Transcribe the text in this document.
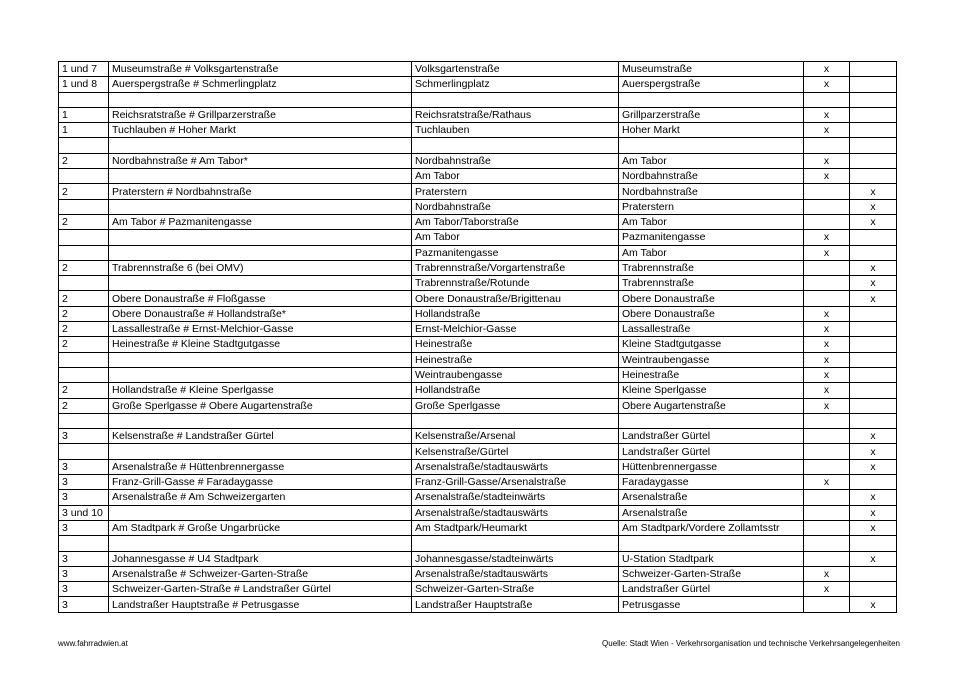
1 und 7	Museumstraße # Volksgartenstraße	Volksgartenstraße	Museumstraße	x	
1 und 8	Auerspergstraße # Schmerlingplatz	Schmerlingplatz	Auerspergstraße	x	

1	Reichsratstraße # Grillparzerstraße	Reichsratstraße/Rathaus	Grillparzerstraße	x	
1	Tuchlauben # Hoher Markt	Tuchlauben	Hoher Markt	x	

2	Nordbahnstraße # Am Tabor*	Nordbahnstraße	Am Tabor	x	
		Am Tabor	Nordbahnstraße	x	
2	Praterstern # Nordbahnstraße	Praterstern	Nordbahnstraße		x
		Nordbahnstraße	Praterstern		x
2	Am Tabor # Pazmanitengasse	Am Tabor/Taborstraße	Am Tabor		x
		Am Tabor	Pazmanitengasse	x	
		Pazmanitengasse	Am Tabor	x	
2	Trabrennstraße 6 (bei OMV)	Trabrennstraße/Vorgartenstraße	Trabrennstraße		x
		Trabrennstraße/Rotunde	Trabrennstraße		x
2	Obere Donaustraße # Floßgasse	Obere Donaustraße/Brigittenau	Obere Donaustraße		x
2	Obere Donaustraße # Hollandstraße*	Hollandstraße	Obere Donaustraße	x	
2	Lassallestraße # Ernst-Melchior-Gasse	Ernst-Melchior-Gasse	Lassallestraße	x	
2	Heinestraße # Kleine Stadtgutgasse	Heinestraße	Kleine Stadtgutgasse	x	
		Heinestraße	Weintraubengasse	x	
		Weintraubengasse	Heinestraße	x	
2	Hollandstraße # Kleine Sperlgasse	Hollandstraße	Kleine Sperlgasse	x	
2	Große Sperlgasse # Obere Augartenstraße	Große Sperlgasse	Obere Augartenstraße	x	

3	Kelsenstraße # Landstraßer Gürtel	Kelsenstraße/Arsenal	Landstraßer Gürtel		x
		Kelsenstraße/Gürtel	Landstraßer Gürtel		x
3	Arsenalstraße # Hüttenbrennergasse	Arsenalstraße/stadtauswärts	Hüttenbrennergasse		x
3	Franz-Grill-Gasse # Faradaygasse	Franz-Grill-Gasse/Arsenalstraße	Faradaygasse	x	
3	Arsenalstraße # Am Schweizergarten	Arsenalstraße/stadteinwärts	Arsenalstraße		x
3 und 10		Arsenalstraße/stadtauswärts	Arsenalstraße		x
3	Am Stadtpark # Große Ungarbrücke	Am Stadtpark/Heumarkt	Am Stadtpark/Vordere Zollamtsstr		x

3	Johannesgasse # U4 Stadtpark	Johannesgasse/stadteinwärts	U-Station Stadtpark		x
3	Arsenalstraße # Schweizer-Garten-Straße	Arsenalstraße/stadtauswärts	Schweizer-Garten-Straße	x	
3	Schweizer-Garten-Straße # Landstraßer Gürtel	Schweizer-Garten-Straße	Landstraßer Gürtel	x	
3	Landstraßer Hauptstraße # Petrusgasse	Landstraßer Hauptstraße	Petrusgasse		x
www.fahrradwien.at	Quelle: Stadt Wien - Verkehrsorganisation und technische Verkehrsangelegenheiten
